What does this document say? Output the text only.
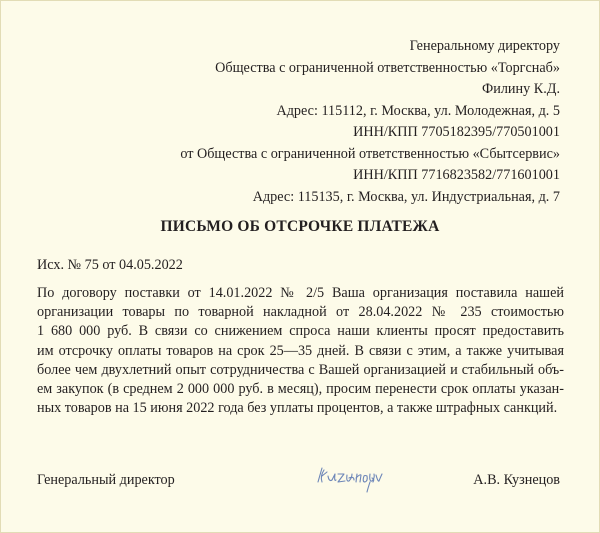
Генеральному директору
Общества с ограниченной ответственностью «Торгснаб»
Филину К.Д.
Адрес: 115112, г. Москва, ул. Молодежная, д. 5
ИНН/КПП 7705182395/770501001
от Общества с ограниченной ответственностью «Сбытсервис»
ИНН/КПП 7716823582/771601001
Адрес: 115135, г. Москва, ул. Индустриальная, д. 7
ПИСЬМО ОБ ОТСРОЧКЕ ПЛАТЕЖА
Исх. № 75 от 04.05.2022
По договору поставки от 14.01.2022 № 2/5 Ваша организация поставила нашей
организации товары по товарной накладной от 28.04.2022 № 235 стоимостью
1 680 000 руб. В связи со снижением спроса наши клиенты просят предоставить
им отсрочку оплаты товаров на срок 25—35 дней. В связи с этим, а также учитывая
более чем двухлетний опыт сотрудничества с Вашей организацией и стабильный объ-
ем закупок (в среднем 2 000 000 руб. в месяц), просим перенести срок оплаты указан-
ных товаров на 15 июня 2022 года без уплаты процентов, а также штрафных санкций.
Генеральный директор	А.В. Кузнецов
